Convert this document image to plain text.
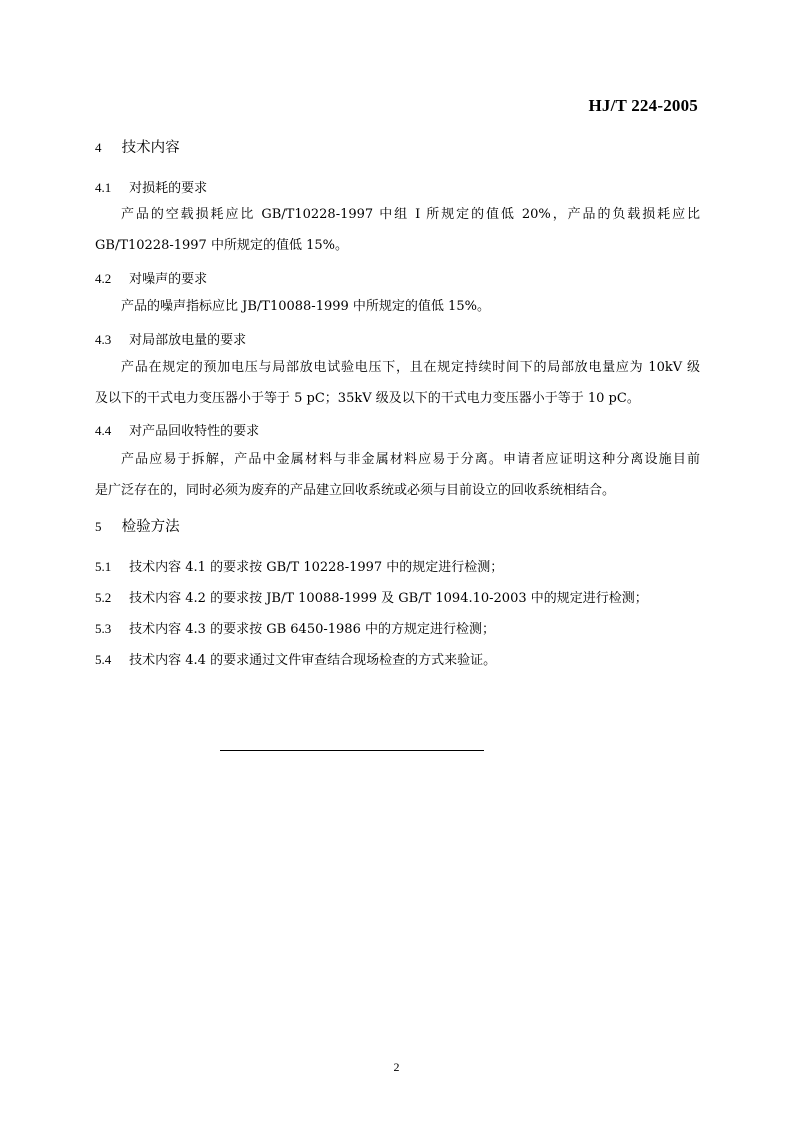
HJ/T 224-2005
4 技术内容
4.1 对损耗的要求
产品的空载损耗应比 GB/T10228-1997 中组 I 所规定的值低 20%，产品的负载损耗应比
GB/T10228-1997 中所规定的值低 15%。
4.2 对噪声的要求
产品的噪声指标应比 JB/T10088-1999 中所规定的值低 15%。
4.3 对局部放电量的要求
产品在规定的预加电压与局部放电试验电压下，且在规定持续时间下的局部放电量应为 10kV 级
及以下的干式电力变压器小于等于 5 pC；35kV 级及以下的干式电力变压器小于等于 10 pC。
4.4 对产品回收特性的要求
产品应易于拆解，产品中金属材料与非金属材料应易于分离。申请者应证明这种分离设施目前
是广泛存在的，同时必须为废弃的产品建立回收系统或必须与目前设立的回收系统相结合。
5 检验方法
5.1 技术内容 4.1 的要求按 GB/T 10228-1997 中的规定进行检测；
5.2 技术内容 4.2 的要求按 JB/T 10088-1999 及 GB/T 1094.10-2003 中的规定进行检测；
5.3 技术内容 4.3 的要求按 GB 6450-1986 中的方规定进行检测；
5.4 技术内容 4.4 的要求通过文件审查结合现场检查的方式来验证。
2
